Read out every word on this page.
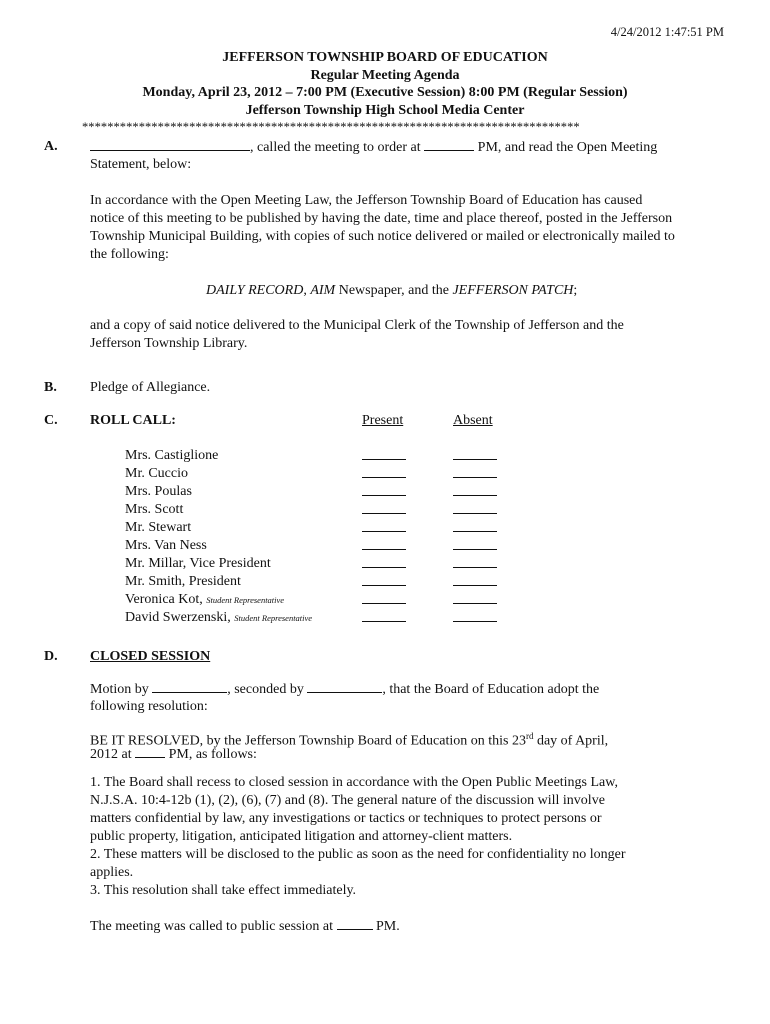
4/24/2012 1:47:51 PM
JEFFERSON TOWNSHIP BOARD OF EDUCATION
Regular Meeting Agenda
Monday, April 23, 2012 – 7:00 PM (Executive Session) 8:00 PM (Regular Session)
Jefferson Township High School Media Center
*******************************************************************************
A.	, called the meeting to order at	PM, and read the Open Meeting
Statement, below:
In accordance with the Open Meeting Law, the Jefferson Township Board of Education has caused
notice of this meeting to be published by having the date, time and place thereof, posted in the Jefferson
Township Municipal Building, with copies of such notice delivered or mailed or electronically mailed to
the following:
DAILY RECORD, AIM Newspaper, and the JEFFERSON PATCH;
and a copy of said notice delivered to the Municipal Clerk of the Township of Jefferson and the
Jefferson Township Library.
B. Pledge of Allegiance.
C. ROLL CALL:	Present	Absent
Mrs. Castiglione
Mr. Cuccio
Mrs. Poulas
Mrs. Scott
Mr. Stewart
Mrs. Van Ness
Mr. Millar, Vice President
Mr. Smith, President
Veronica Kot, Student Representative
David Swerzenski, Student Representative
D. CLOSED SESSION
Motion by	, seconded by	, that the Board of Education adopt the
following resolution:
BE IT RESOLVED, by the Jefferson Township Board of Education on this 23rd day of April,
2012 at  PM, as follows:
1. The Board shall recess to closed session in accordance with the Open Public Meetings Law,
N.J.S.A. 10:4-12b (1), (2), (6), (7) and (8). The general nature of the discussion will involve
matters confidential by law, any investigations or tactics or techniques to protect persons or
public property, litigation, anticipated litigation and attorney-client matters.
2. These matters will be disclosed to the public as soon as the need for confidentiality no longer
applies.
3. This resolution shall take effect immediately.
The meeting was called to public session at	PM.
